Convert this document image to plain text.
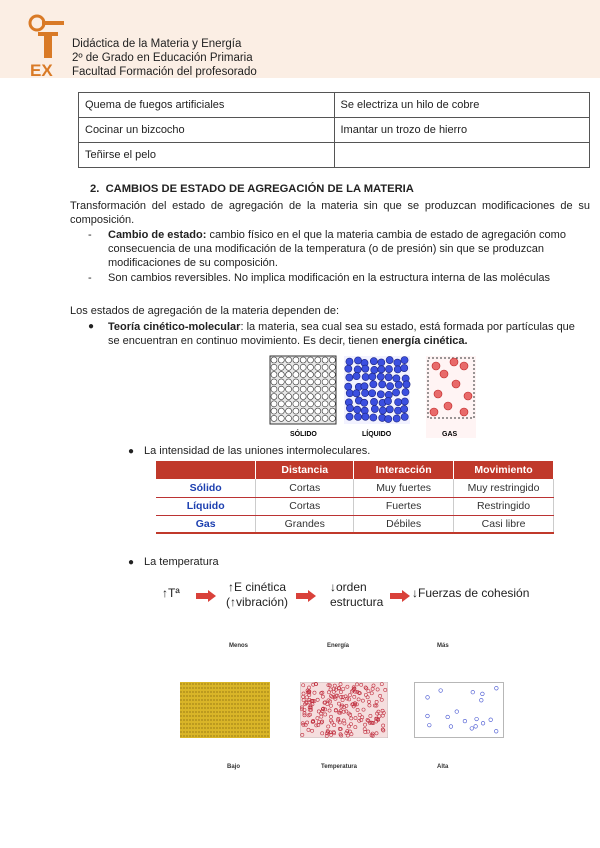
EX
Didáctica de la Materia y Energía
2º de Grado en Educación Primaria
Facultad Formación del profesorado
Quema de fuegos artificiales	Se electriza un hilo de cobre
Cocinar un bizcocho	Imantar un trozo de hierro
Teñirse el pelo	
2. CAMBIOS DE ESTADO DE AGREGACIÓN DE LA MATERIA
Transformación del estado de agregación de la materia sin que se produzcan modificaciones de su composición.
- Cambio de estado: cambio físico en el que la materia cambia de estado de agregación como consecuencia de una modificación de la temperatura (o de presión) sin que se produzcan modificaciones de su composición.
- Son cambios reversibles. No implica modificación en la estructura interna de las moléculas
Los estados de agregación de la materia dependen de:
●	Teoría cinético-molecular: la materia, sea cual sea su estado, está formada por partículas que se encuentran en continuo movimiento. Es decir, tienen energía cinética.
SÓLIDO	LÍQUIDO	GAS
● La intensidad de las uniones intermoleculares.
	Distancia	Interacción	Movimiento
Sólido	Cortas	Muy fuertes	Muy restringido
Líquido	Cortas	Fuertes	Restringido
Gas	Grandes	Débiles	Casi libre
● La temperatura
↑Tª	↑E cinética
(↑vibración)
↓orden
estructura
↓Fuerzas de cohesión
Menos	Energía	Más
Bajo	Temperatura	Alta
